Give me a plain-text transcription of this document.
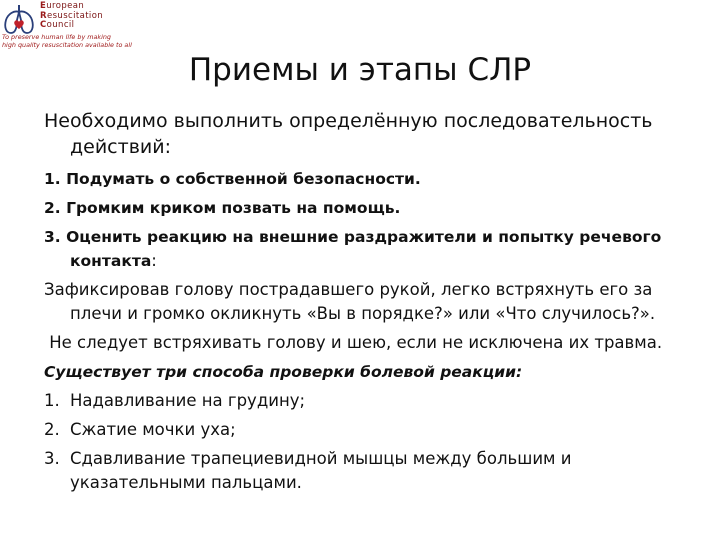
European
Resuscitation
Council
To preserve human life by making
high quality resuscitation available to all
Приемы и этапы СЛР

Необходимо выполнить определённую последовательность действий:

1. Подумать о собственной безопасности.

2. Громким криком позвать на помощь.

3. Оценить реакцию на внешние раздражители и попытку речевого контакта:

Зафиксировав голову пострадавшего рукой, легко встряхнуть его за плечи и громко окликнуть «Вы в порядке?» или «Что случилось?».

Не следует встряхивать голову и шею, если не исключена их травма.

Существует три способа проверки болевой реакции:

1. Надавливание на грудину;

2. Сжатие мочки уха;

3. Сдавливание трапециевидной мышцы между большим и указательными пальцами.
